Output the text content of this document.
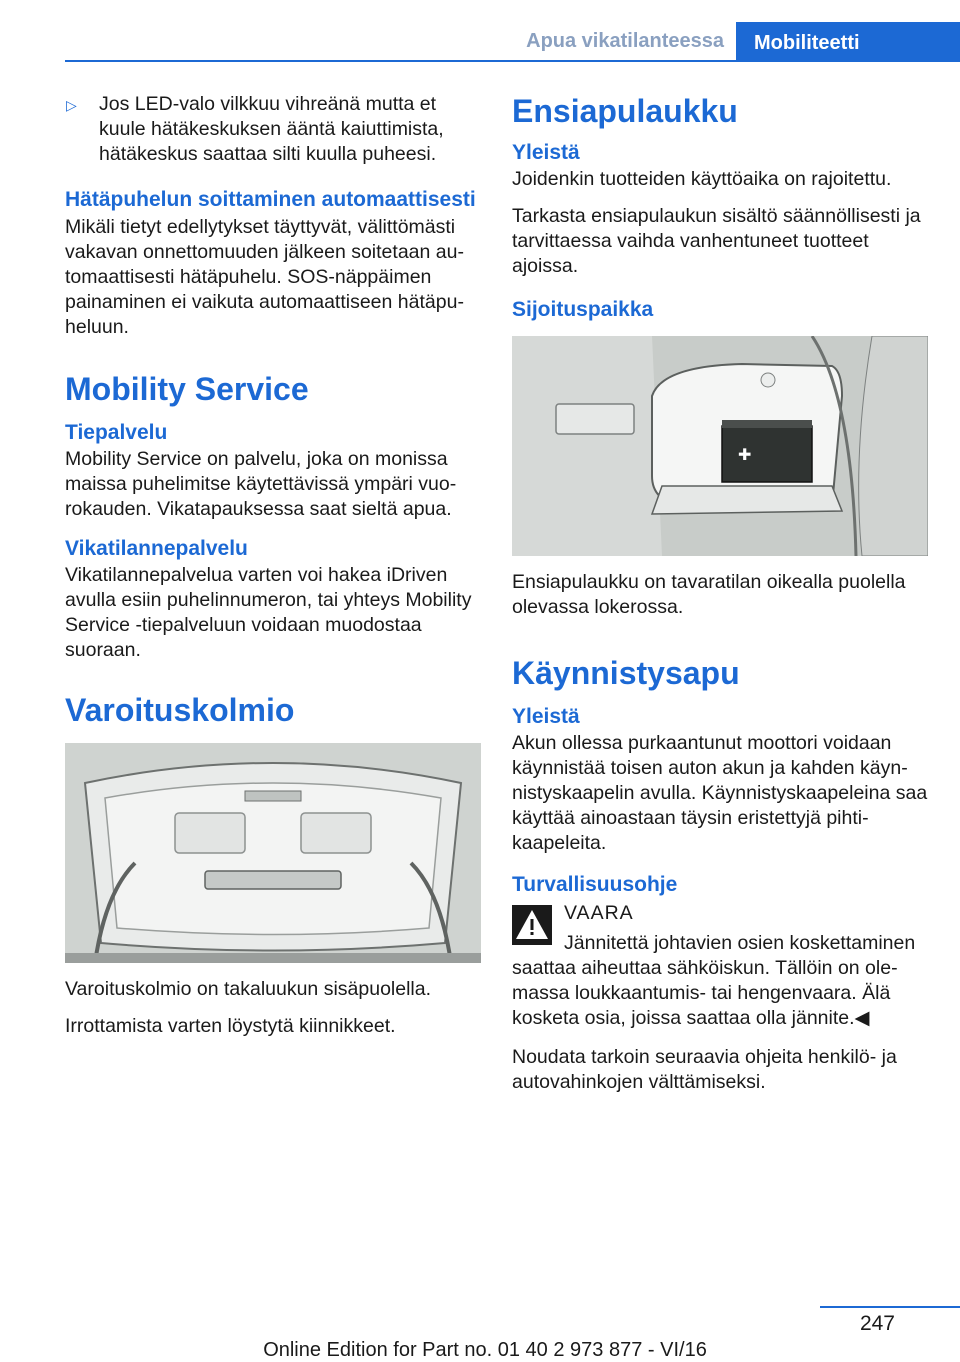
Apua vikatilanteessa	Mobiliteetti
▷	Jos LED-valo vilkkuu vihreänä mutta et kuule hätäkeskuksen ääntä kaiuttimista, hätäkeskus saattaa silti kuulla puheesi.
Hätäpuhelun soittaminen automaattisesti

Mikäli tietyt edellytykset täyttyvät, välittömästi vakavan onnettomuuden jälkeen soitetaan automaattisesti hätäpuhelu. SOS-näppäimen painaminen ei vaikuta automaattiseen hätäpuheluun.

Mobility Service
Tiepalvelu

Mobility Service on palvelu, joka on monissa maissa puhelimitse käytettävissä ympäri vuorokauden. Vikatapauksessa saat sieltä apua.

Vikatilannepalvelu

Vikatilannepalvelua varten voi hakea iDriven avulla esiin puhelinnumeron, tai yhteys Mobility Service -tiepalveluun voidaan muodostaa suoraan.

Varoituskolmio

Varoituskolmio on takaluukun sisäpuolella.

Irrottamista varten löystytä kiinnikkeet.

Ensiapulaukku
Yleistä

Joidenkin tuotteiden käyttöaika on rajoitettu.

Tarkasta ensiapulaukun sisältö säännöllisesti ja tarvittaessa vaihda vanhentuneet tuotteet ajoissa.

Sijoituspaikka
✚

Ensiapulaukku on tavaratilan oikealla puolella olevassa lokerossa.

Käynnistysapu
Yleistä

Akun ollessa purkaantunut moottori voidaan käynnistää toisen auton akun ja kahden käynnistyskaapelin avulla. Käynnistyskaapeleina saa käyttää ainoastaan täysin eristettyjä pihtikaapeleita.

Turvallisuusohje
VAARA
Jännitettä johtavien osien koskettaminen saattaa aiheuttaa sähköiskun. Tällöin on olemassa loukkaantumis- tai hengenvaara. Älä kosketa osia, joissa saattaa olla jännite.◀

Noudata tarkoin seuraavia ohjeita henkilö- ja autovahinkojen välttämiseksi.

247
Online Edition for Part no. 01 40 2 973 877 - VI/16
